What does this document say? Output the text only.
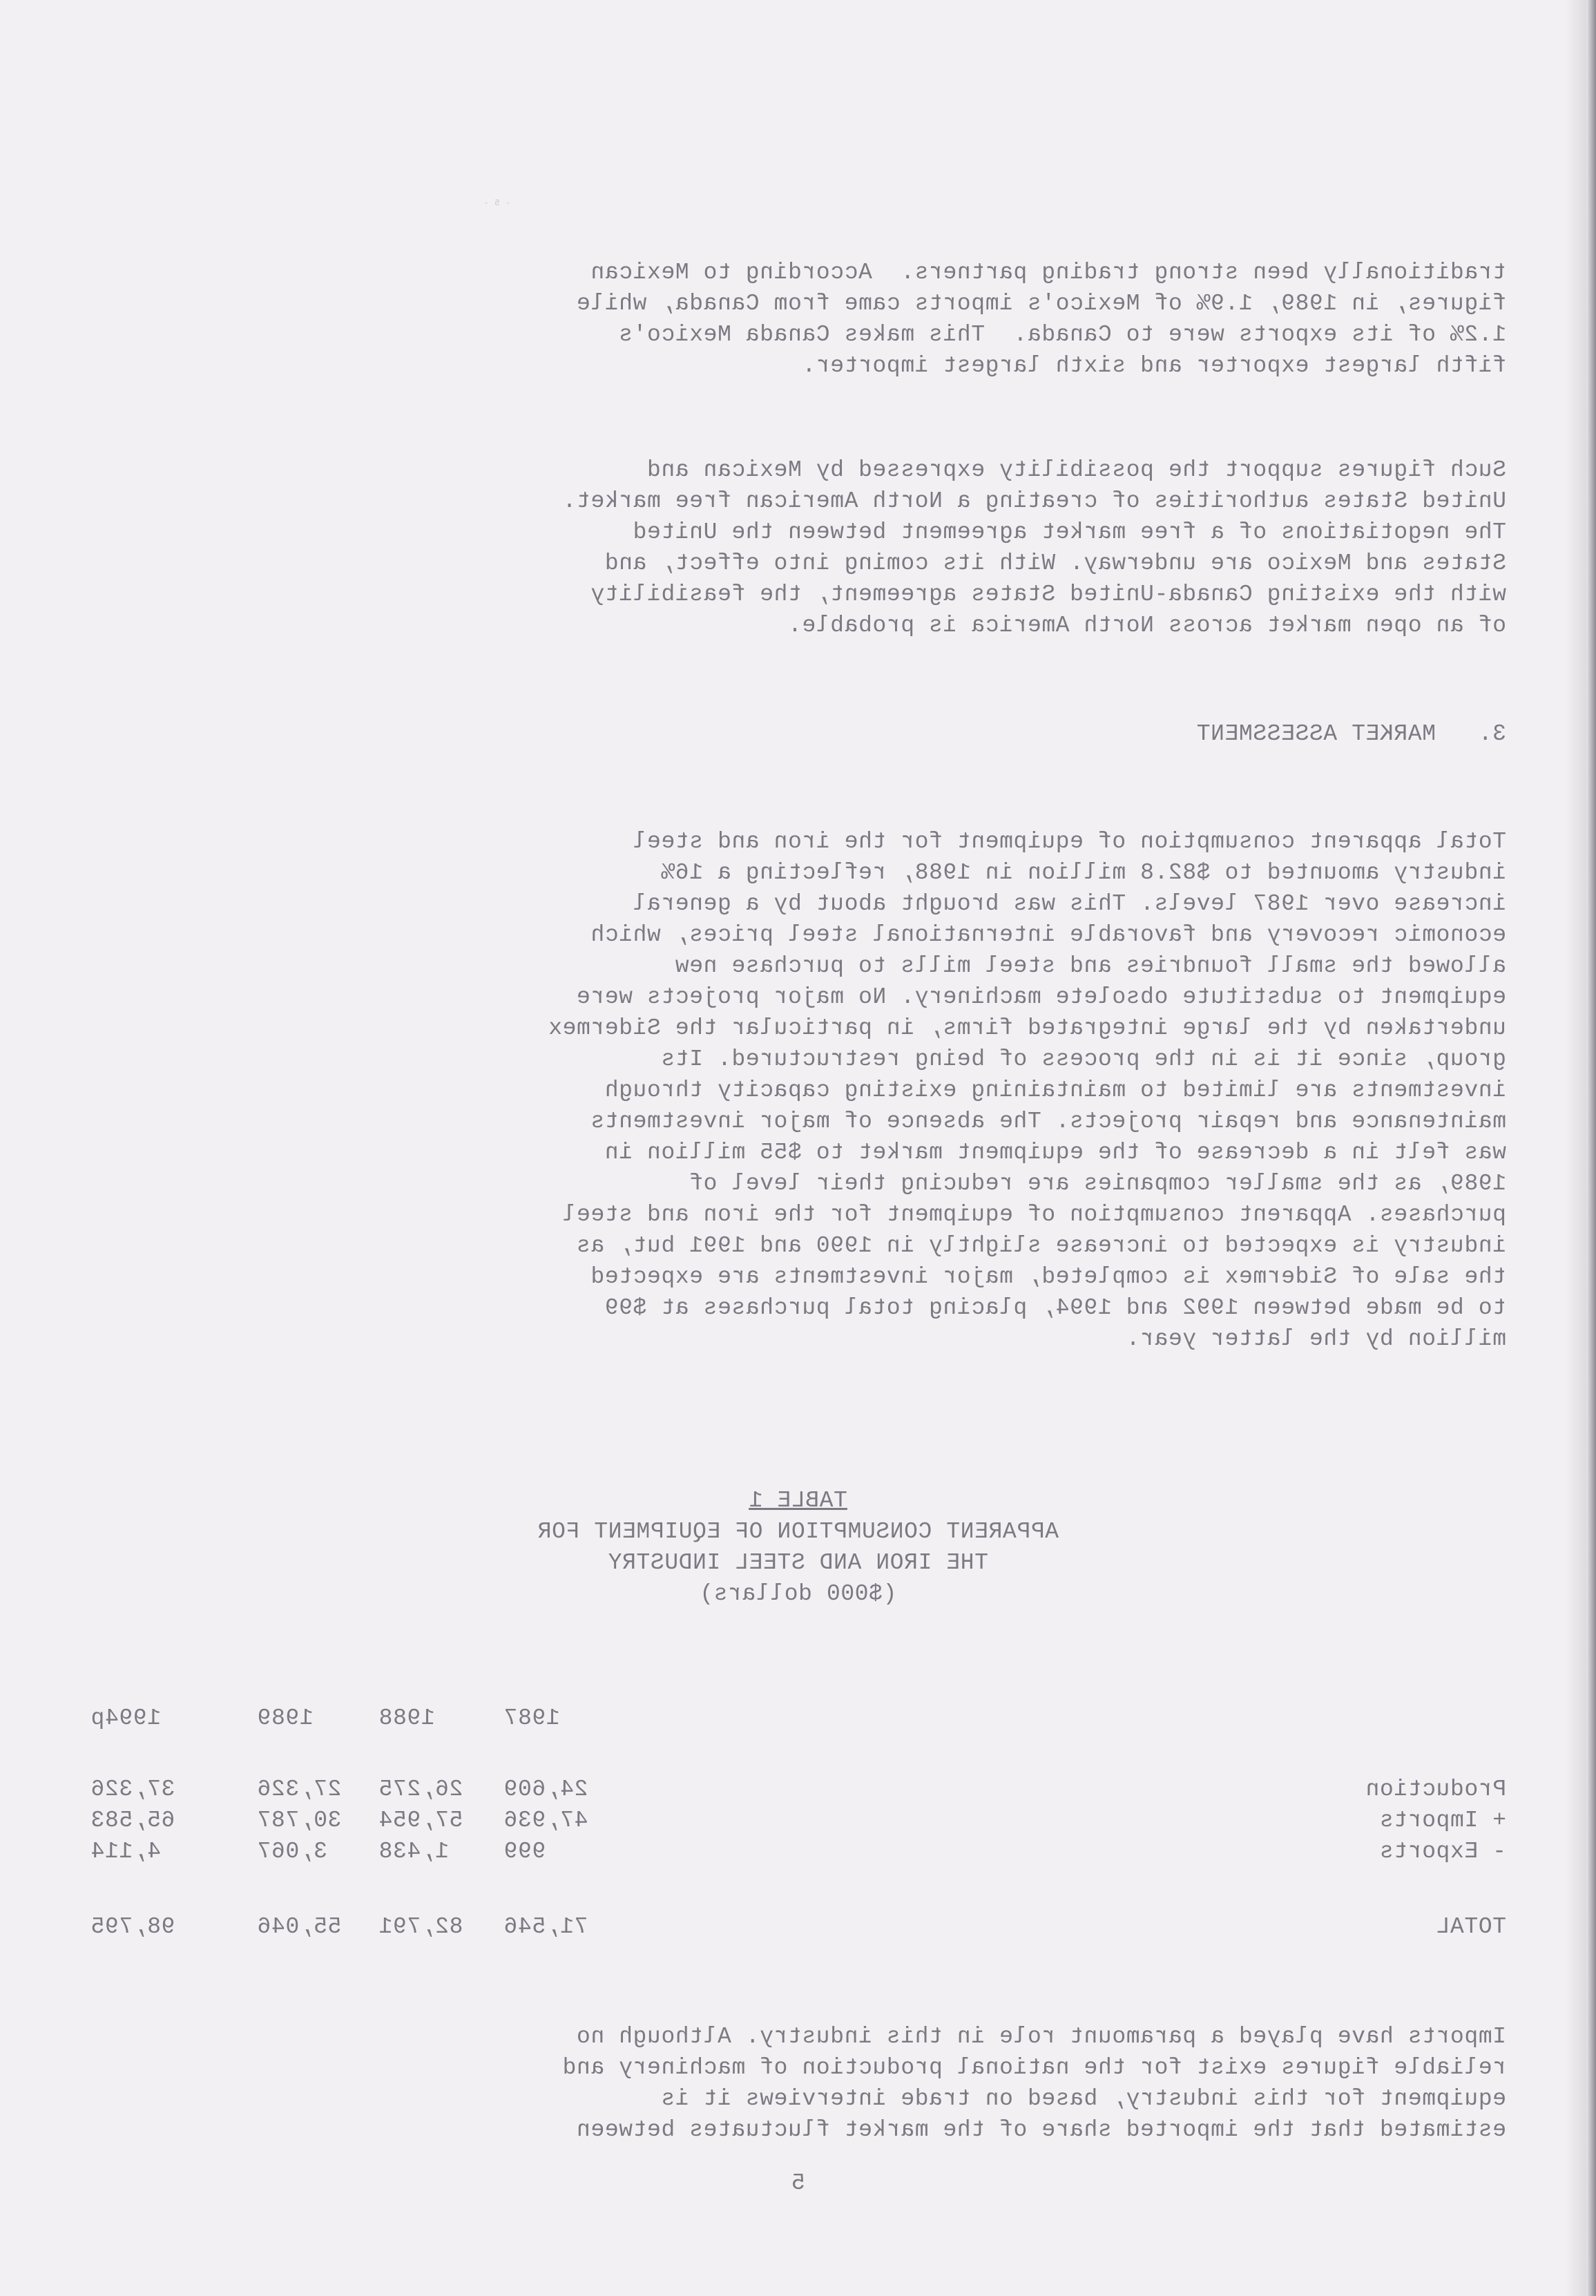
- 5 -

traditionally been strong trading partners.  According to Mexican
figures, in 1989, 1.9% of Mexico's imports came from Canada, while
1.2% of its exports were to Canada.  This makes Canada Mexico's
fifth largest exporter and sixth largest importer.

Such figures support the possibility expressed by Mexican and
United States authorities of creating a North American free market.
The negotiations of a free market agreement between the United
States and Mexico are underway. With its coming into effect, and
with the existing Canada-United States agreement, the feasibility
of an open market across North America is probable.

3.   MARKET ASSESSMENT

Total apparent consumption of equipment for the iron and steel
industry amounted to $82.8 million in 1988, reflecting a 16%
increase over 1987 levels. This was brought about by a general
economic recovery and favorable international steel prices, which
allowed the small foundries and steel mills to purchase new
equipment to substitute obsolete machinery. No major projects were
undertaken by the large integrated firms, in particular the Sidermex
group, since it is in the process of being restructured. Its
investments are limited to maintaining existing capacity through
maintenance and repair projects. The absence of major investments
was felt in a decrease of the equipment market to $55 million in
1989, as the smaller companies are reducing their level of
purchases. Apparent consumption of equipment for the iron and steel
industry is expected to increase slightly in 1990 and 1991 but, as
the sale of Sidermex is completed, major investments are expected
to be made between 1992 and 1994, placing total purchases at $99
million by the latter year.

TABLE 1
APPARENT CONSUMPTION OF EQUIPMENT FOR
THE IRON AND STEEL INDUSTRY
($000 dollars)
1987
1988
1989
1994p
Production
24,609
26,275
27,326
37,326
+ Imports
47,936
57,954
30,787
65,583
- Exports
999
1,438
3,067
4,114
TOTAL
71,546
82,791
55,046
98,795

Imports have played a paramount role in this industry. Although no
reliable figures exist for the national production of machinery and
equipment for this industry, based on trade interviews it is
estimated that the imported share of the market fluctuates between

5
